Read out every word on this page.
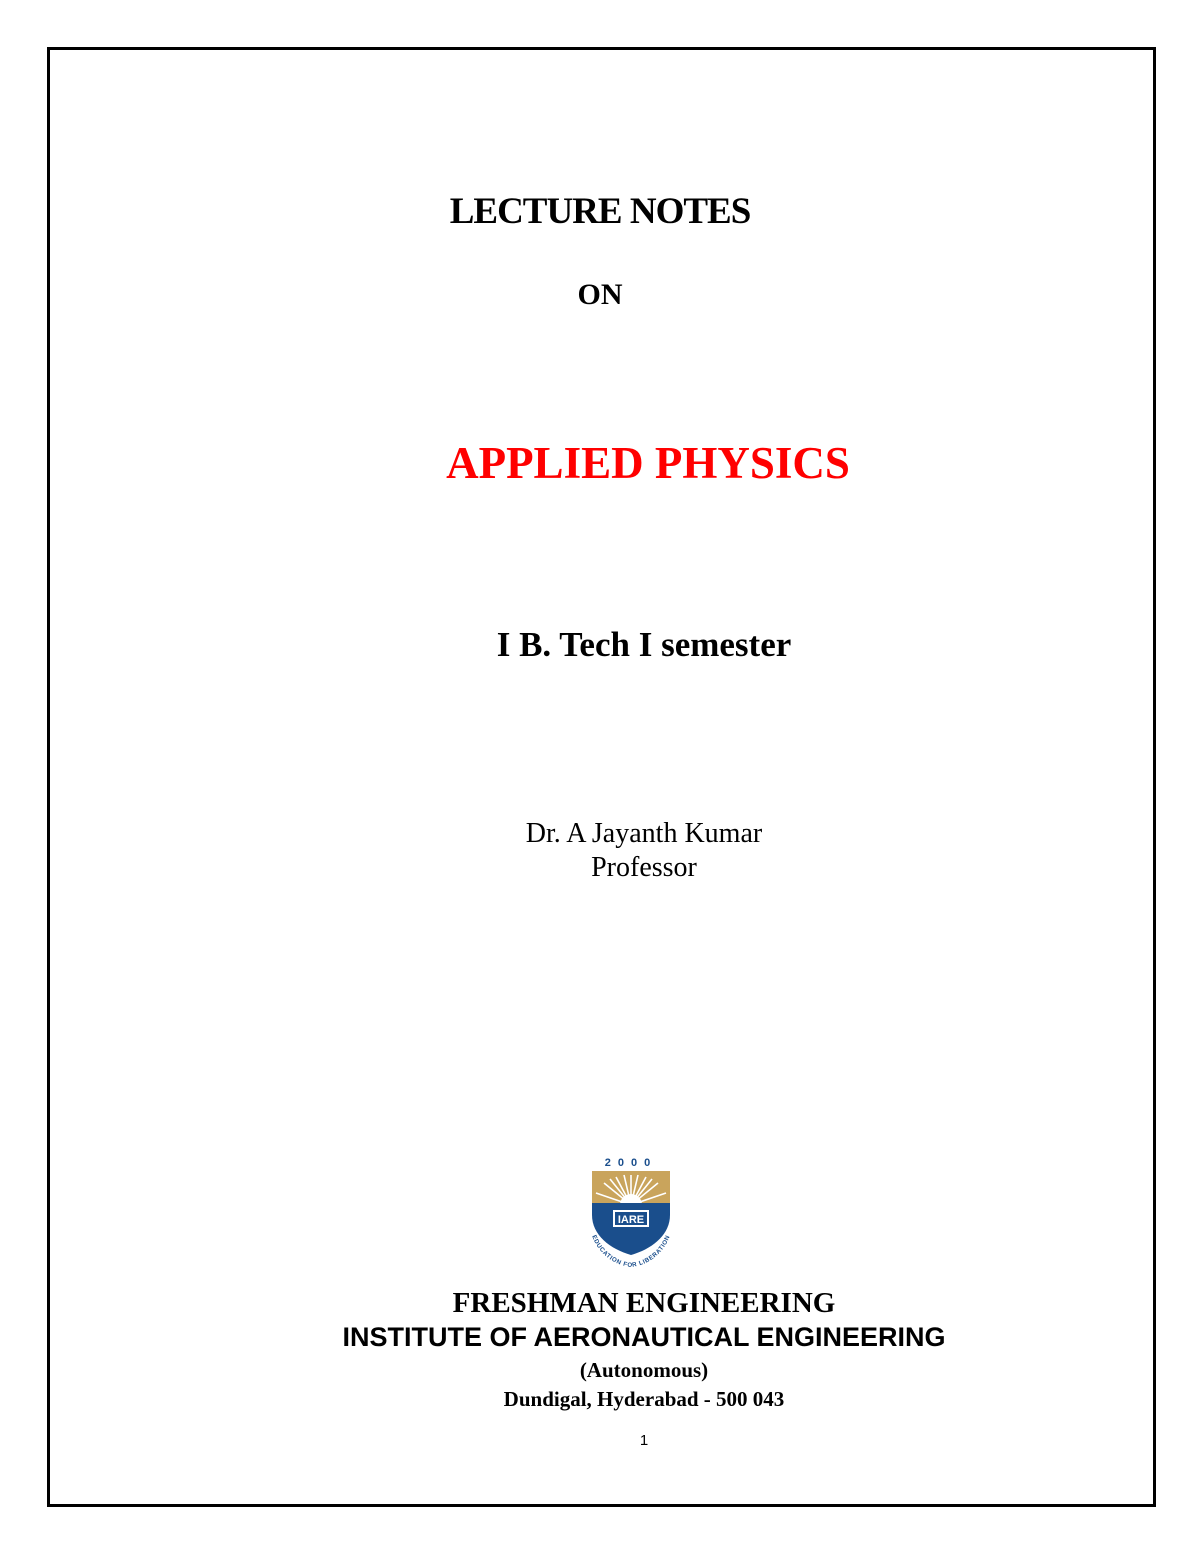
LECTURE NOTES
ON
APPLIED PHYSICS
I B. Tech I semester
Dr. A Jayanth Kumar
Professor
2000
IARE
EDUCATION FOR LIBERATION
FRESHMAN ENGINEERING
INSTITUTE OF AERONAUTICAL ENGINEERING
(Autonomous)
Dundigal, Hyderabad - 500 043
1
